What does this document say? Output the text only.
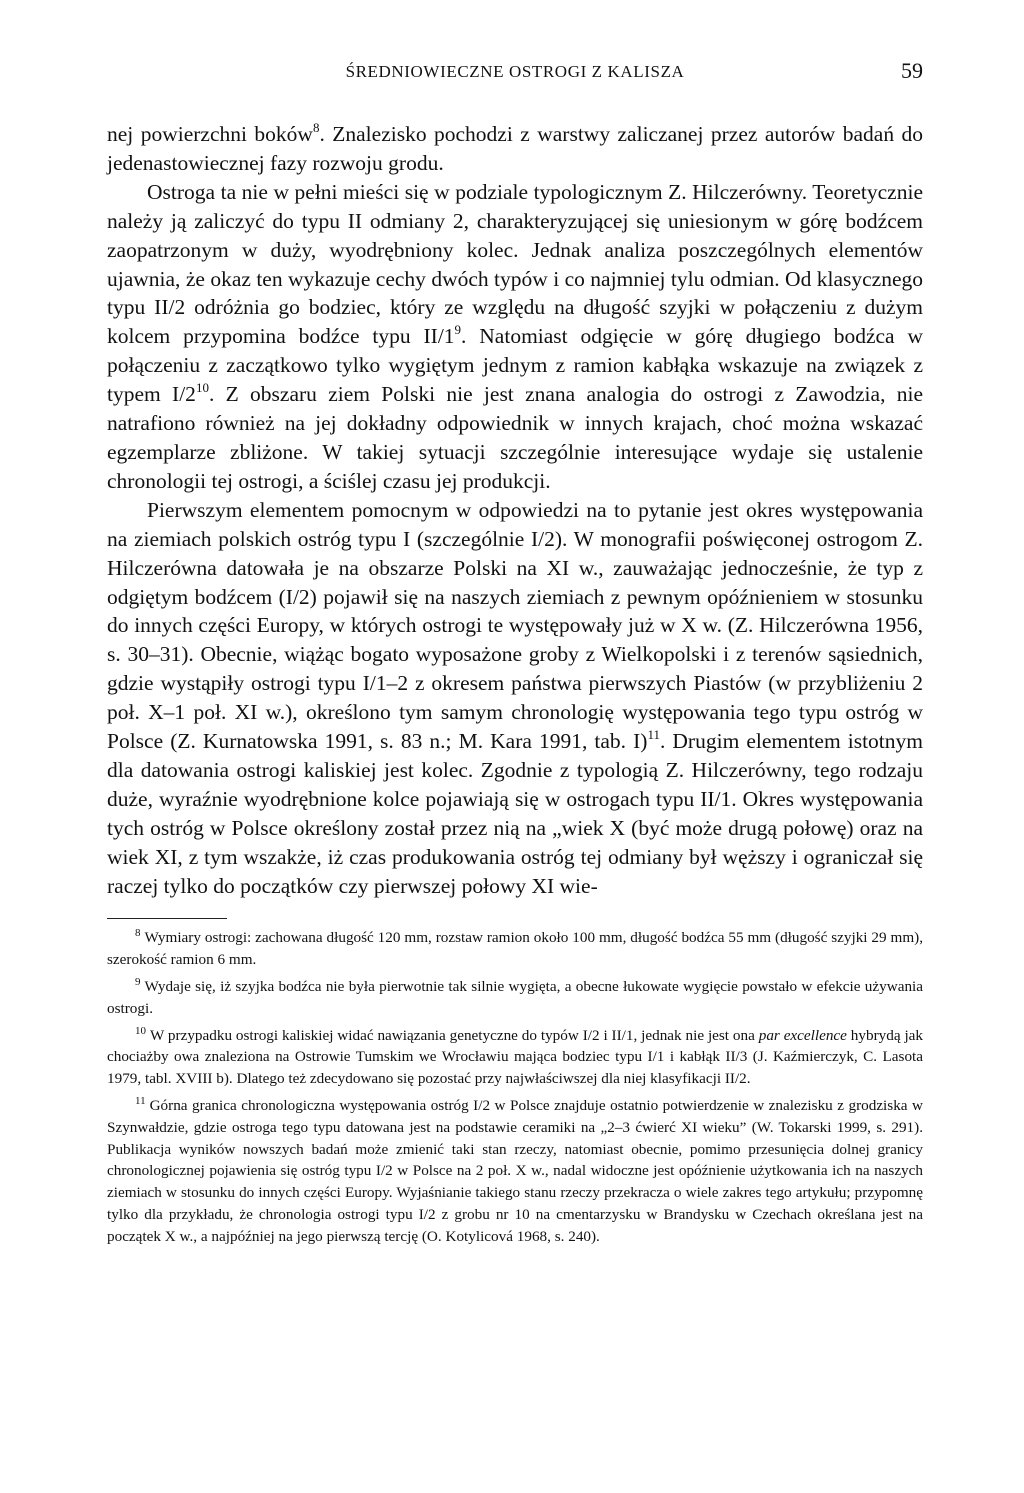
ŚREDNIOWIECZNE OSTROGI Z KALISZA	59

nej powierzchni boków$^8$. Znalezisko pochodzi z warstwy zaliczanej przez autorów badań do jedenastowiecznej fazy rozwoju grodu.

Ostroga ta nie w pełni mieści się w podziale typologicznym Z. Hilczerówny. Teoretycznie należy ją zaliczyć do typu II odmiany 2, charakteryzującej się uniesionym w górę bodźcem zaopatrzonym w duży, wyodrębniony kolec. Jednak analiza poszczególnych elementów ujawnia, że okaz ten wykazuje cechy dwóch typów i co najmniej tylu odmian. Od klasycznego typu II/2 odróżnia go bodziec, który ze względu na długość szyjki w połączeniu z dużym kolcem przypomina bodźce typu $II/1^9$. Natomiast odgięcie w górę długiego bodźca w połączeniu z zaczątkowo tylko wygiętym jednym z ramion kabłąka wskazuje na związek z typem $I/2^{10}$. Z obszaru ziem Polski nie jest znana analogia do ostrogi z Zawodzia, nie natrafiono również na jej dokładny odpowiednik w innych krajach, choć można wskazać egzemplarze zbliżone. W takiej sytuacji szczególnie interesujące wydaje się ustalenie chronologii tej ostrogi, a ściślej czasu jej produkcji.

Pierwszym elementem pomocnym w odpowiedzi na to pytanie jest okres występowania na ziemiach polskich ostróg typu I (szczególnie I/2). W monografii poświęconej ostrogom Z. Hilczerówna datowała je na obszarze Polski na XI w., zauważając jednocześnie, że typ z odgiętym bodźcem (I/2) pojawił się na naszych ziemiach z pewnym opóźnieniem w stosunku do innych części Europy, w których ostrogi te występowały już w X w. (Z. Hilczerówna 1956, s. 30–31). Obecnie, wiążąc bogato wyposażone groby z Wielkopolski i z terenów sąsiednich, gdzie wystąpiły ostrogi typu I/1–2 z okresem państwa pierwszych Piastów (w przybliżeniu 2 poł. X–1 poł. XI w.), określono tym samym chronologię występowania tego typu ostróg w Polsce (Z. Kurnatowska 1991, s. 83 n.; M. Kara 1991, tab. I)$^{11}$. Drugim elementem istotnym dla datowania ostrogi kaliskiej jest kolec. Zgodnie z typologią Z. Hilczerówny, tego rodzaju duże, wyraźnie wyodrębnione kolce pojawiają się w ostrogach typu II/1. Okres występowania tych ostróg w Polsce określony został przez nią na „wiek X (być może drugą połowę) oraz na wiek XI, z tym wszakże, iż czas produkowania ostróg tej odmiany był węższy i ograniczał się raczej tylko do początków czy pierwszej połowy XI wie-

$^8$ Wymiary ostrogi: zachowana długość 120 mm, rozstaw ramion około 100 mm, długość bodźca 55 mm (długość szyjki 29 mm), szerokość ramion 6 mm.

$^9$ Wydaje się, iż szyjka bodźca nie była pierwotnie tak silnie wygięta, a obecne łukowate wygięcie powstało w efekcie używania ostrogi.

$^{10}$ W przypadku ostrogi kaliskiej widać nawiązania genetyczne do typów I/2 i II/1, jednak nie jest ona par excellence hybrydą jak chociażby owa znaleziona na Ostrowie Tumskim we Wrocławiu mająca bodziec typu I/1 i kabłąk II/3 (J. Kaźmierczyk, C. Lasota 1979, tabl. XVIII b). Dlatego też zdecydowano się pozostać przy najwłaściwszej dla niej klasyfikacji II/2.

$^{11}$ Górna granica chronologiczna występowania ostróg I/2 w Polsce znajduje ostatnio potwierdzenie w znalezisku z grodziska w Szynwałdzie, gdzie ostroga tego typu datowana jest na podstawie ceramiki na „2–3 ćwierć XI wieku” (W. Tokarski 1999, s. 291). Publikacja wyników nowszych badań może zmienić taki stan rzeczy, natomiast obecnie, pomimo przesunięcia dolnej granicy chronologicznej pojawienia się ostróg typu I/2 w Polsce na 2 poł. X w., nadal widoczne jest opóźnienie użytkowania ich na naszych ziemiach w stosunku do innych części Europy. Wyjaśnianie takiego stanu rzeczy przekracza o wiele zakres tego artykułu; przypomnę tylko dla przykładu, że chronologia ostrogi typu I/2 z grobu nr 10 na cmentarzysku w Brandysku w Czechach określana jest na początek X w., a najpóźniej na jego pierwszą tercję (O. Kotylicová 1968, s. 240).
